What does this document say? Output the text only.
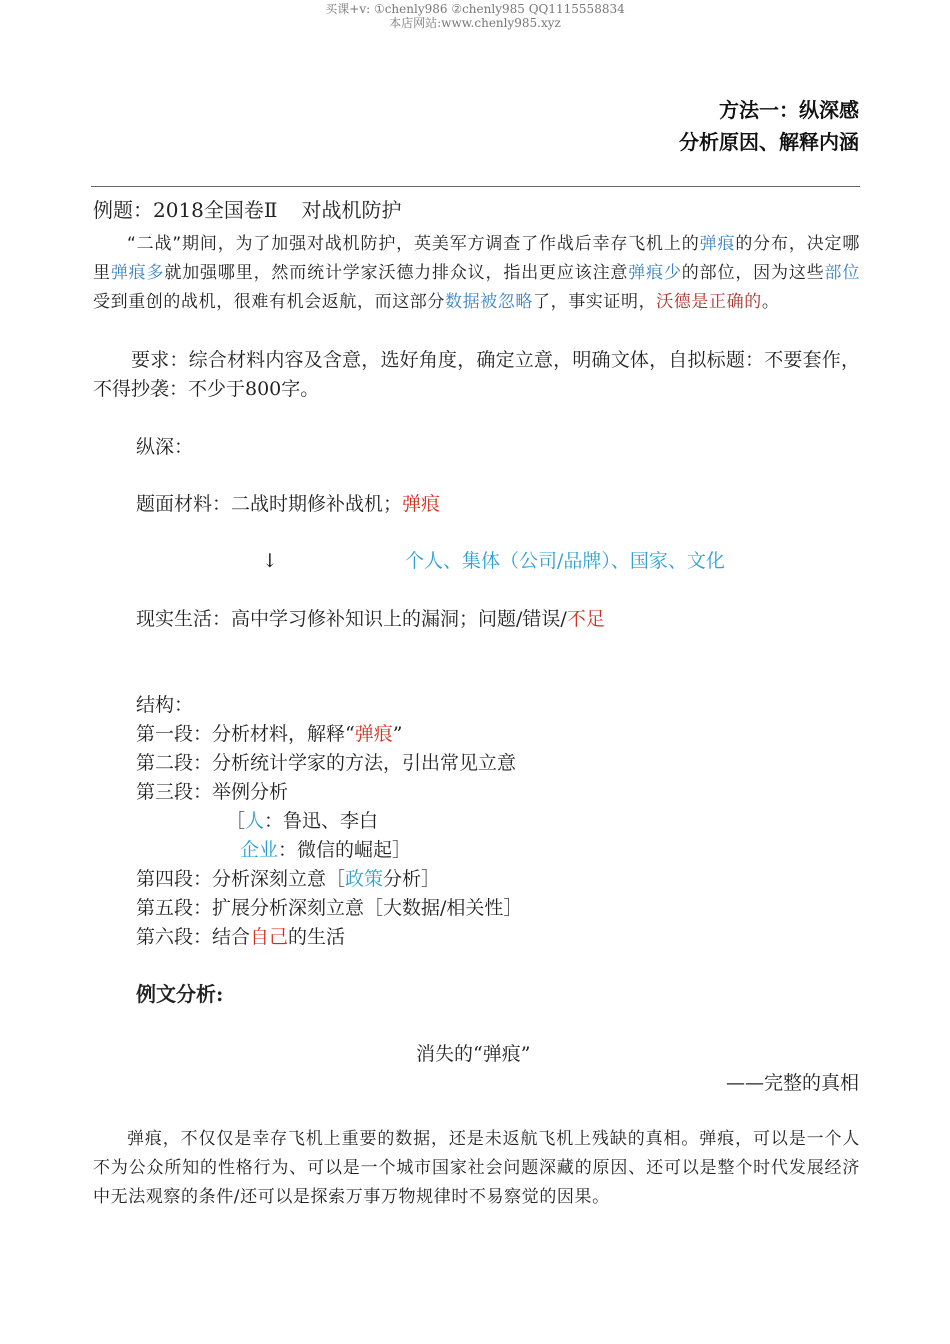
买课+v: ①chenly986 ②chenly985 QQ1115558834
本店网站:www.chenly985.xyz
方法一：纵深感
分析原因、解释内涵
例题：2018全国卷Ⅱ 对战机防护
“二战”期间，为了加强对战机防护，英美军方调查了作战后幸存飞机上的弹痕的分布，决定哪里弹痕多就加强哪里，然而统计学家沃德力排众议，指出更应该注意弹痕少的部位，因为这些部位受到重创的战机，很难有机会返航，而这部分数据被忽略了，事实证明，沃德是正确的。
要求：综合材料内容及含意，选好角度，确定立意，明确文体，自拟标题：不要套作，不得抄袭：不少于800字。
纵深：
题面材料：二战时期修补战机；弹痕
↓	个人、集体（公司/品牌）、国家、文化
现实生活：高中学习修补知识上的漏洞；问题/错误/不足
结构：
第一段：分析材料，解释“弹痕”
第二段：分析统计学家的方法，引出常见立意
第三段：举例分析
［人：鲁迅、李白
企业：微信的崛起］
第四段：分析深刻立意［政策分析］
第五段：扩展分析深刻立意［大数据/相关性］
第六段：结合自己的生活
例文分析:
消失的“弹痕”
——完整的真相
弹痕，不仅仅是幸存飞机上重要的数据，还是未返航飞机上残缺的真相。弹痕，可以是一个人不为公众所知的性格行为、可以是一个城市国家社会问题深藏的原因、还可以是整个时代发展经济中无法观察的条件/还可以是探索万事万物规律时不易察觉的因果。
